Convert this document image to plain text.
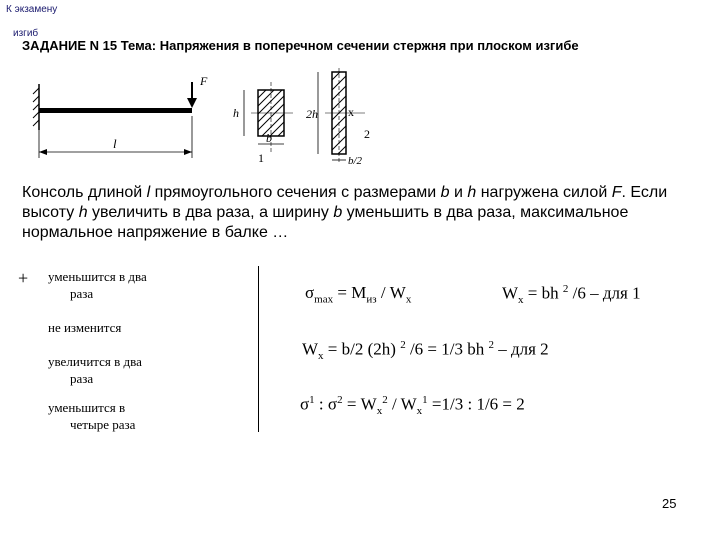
К экзамену
изгиб
ЗАДАНИЕ N 15 Тема: Напряжения в поперечном сечении стержня при плоском изгибе
F
l
h
b
1
2h	x
2
b/2
Консоль длиной l прямоугольного сечения с размерами b и h нагружена силой F. Если высоту h увеличить в два раза, а ширину b уменьшить в два раза, максимальное нормальное напряжение в балке …
+ уменьшится в два
раза
не изменится
увеличится в два
раза
уменьшится в
четыре раза
$\sigma_{max} = M_{из} / W_x$	$W_x$ = bh $^2$ /6 – для 1
$W_x = b/2$ (2h) $^2$ /6 = 1/3 bh $^2$ – для 2
$\sigma^1$ : $\sigma^2 = W_x^2 / W_x^1 =1/3$ : 1/6 = 2
25
